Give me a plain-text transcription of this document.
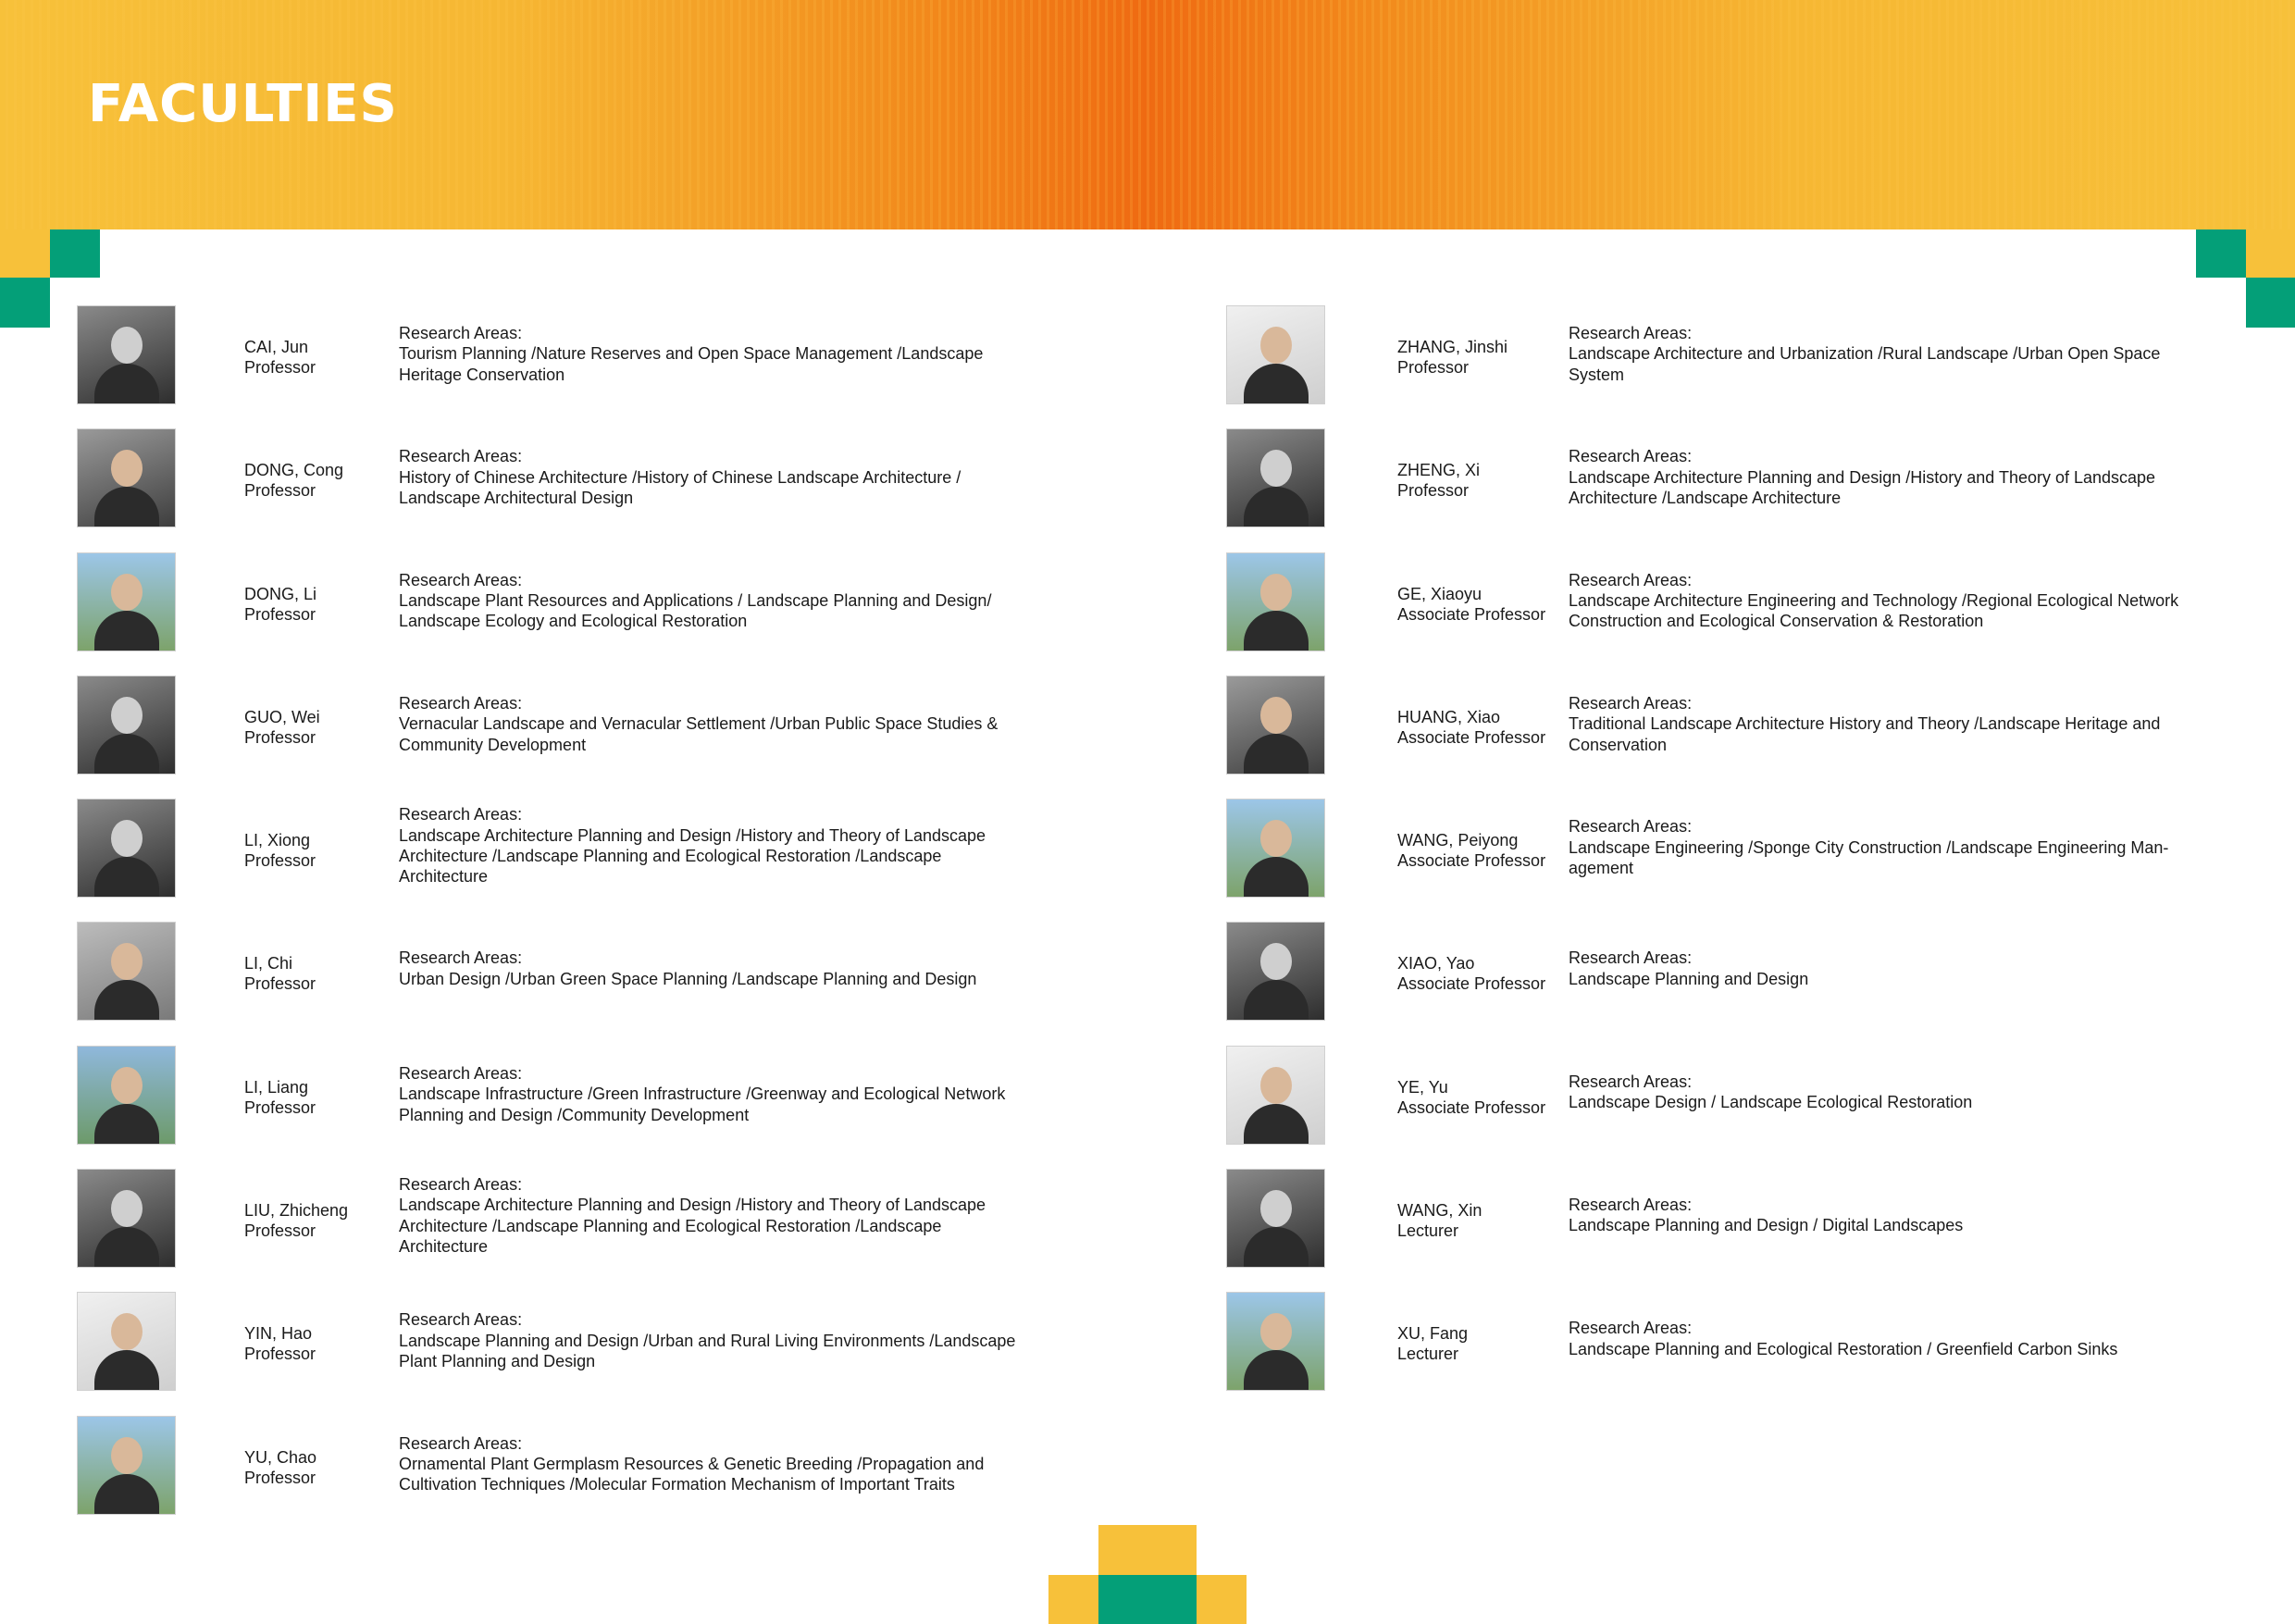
FACULTIES
CAI, Jun
Professor
Research Areas:
Tourism Planning /Nature Reserves and Open Space Management /Landscape
Heritage Conservation
DONG, Cong
Professor
Research Areas:
History of Chinese Architecture /History of Chinese Landscape Architecture /
Landscape Architectural Design
DONG, Li
Professor
Research Areas:
Landscape Plant Resources and Applications / Landscape Planning and Design/
Landscape Ecology and Ecological Restoration
GUO, Wei
Professor
Research Areas:
Vernacular Landscape and Vernacular Settlement /Urban Public Space Studies &
Community Development
LI, Xiong
Professor
Research Areas:
Landscape Architecture Planning and Design /History and Theory of Landscape
Architecture /Landscape Planning and Ecological Restoration /Landscape
Architecture
LI, Chi
Professor
Research Areas:
Urban Design /Urban Green Space Planning /Landscape Planning and Design
LI, Liang
Professor
Research Areas:
Landscape Infrastructure /Green Infrastructure /Greenway and Ecological Network
Planning and Design /Community Development
LIU, Zhicheng
Professor
Research Areas:
Landscape Architecture Planning and Design /History and Theory of Landscape
Architecture /Landscape Planning and Ecological Restoration /Landscape
Architecture
YIN, Hao
Professor
Research Areas:
Landscape Planning and Design /Urban and Rural Living Environments /Landscape
Plant Planning and Design
YU, Chao
Professor
Research Areas:
Ornamental Plant Germplasm Resources & Genetic Breeding /Propagation and
Cultivation Techniques /Molecular Formation Mechanism of Important Traits
ZHANG, Jinshi
Professor
Research Areas:
Landscape Architecture and Urbanization /Rural Landscape /Urban Open Space
System
ZHENG, Xi
Professor
Research Areas:
Landscape Architecture Planning and Design /History and Theory of Landscape
Architecture /Landscape Architecture
GE, Xiaoyu
Associate Professor
Research Areas:
Landscape Architecture Engineering and Technology /Regional Ecological Network
Construction and Ecological Conservation & Restoration
HUANG, Xiao
Associate Professor
Research Areas:
Traditional Landscape Architecture History and Theory /Landscape Heritage and
Conservation
WANG, Peiyong
Associate Professor
Research Areas:
Landscape Engineering /Sponge City Construction /Landscape Engineering Man-
agement
XIAO, Yao
Associate Professor
Research Areas:
Landscape Planning and Design
YE, Yu
Associate Professor
Research Areas:
Landscape Design / Landscape Ecological Restoration
WANG, Xin
Lecturer
Research Areas:
Landscape Planning and Design / Digital Landscapes
XU, Fang
Lecturer
Research Areas:
Landscape Planning and Ecological Restoration / Greenfield Carbon Sinks
